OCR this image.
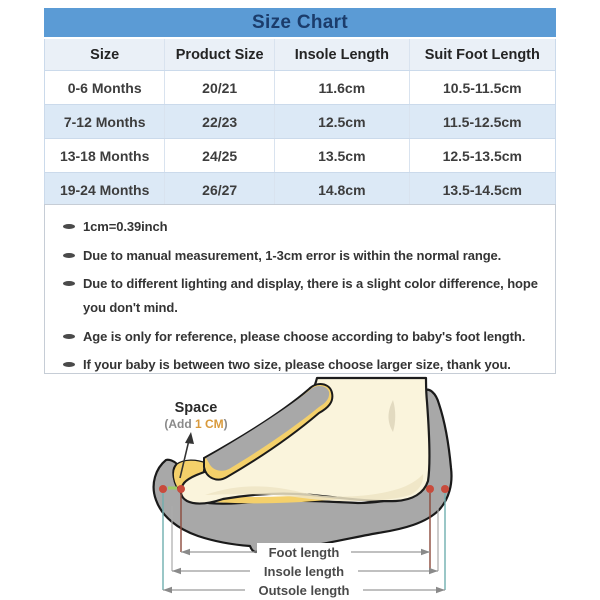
Size Chart
Size	Product Size	Insole Length	Suit Foot Length
0-6 Months	20/21	11.6cm	10.5-11.5cm
7-12 Months	22/23	12.5cm	11.5-12.5cm
13-18 Months	24/25	13.5cm	12.5-13.5cm
19-24 Months	26/27	14.8cm	13.5-14.5cm
1cm=0.39inch
Due to manual measurement, 1-3cm error is within the normal range.
Due to different lighting and display, there is a slight color difference, hope you don't mind.
Age is only for reference, please choose according to baby's foot length.
If your baby is between two size, please choose larger size, thank you.
Foot length
Insole length
Outsole length
Space
(Add 1 CM)
